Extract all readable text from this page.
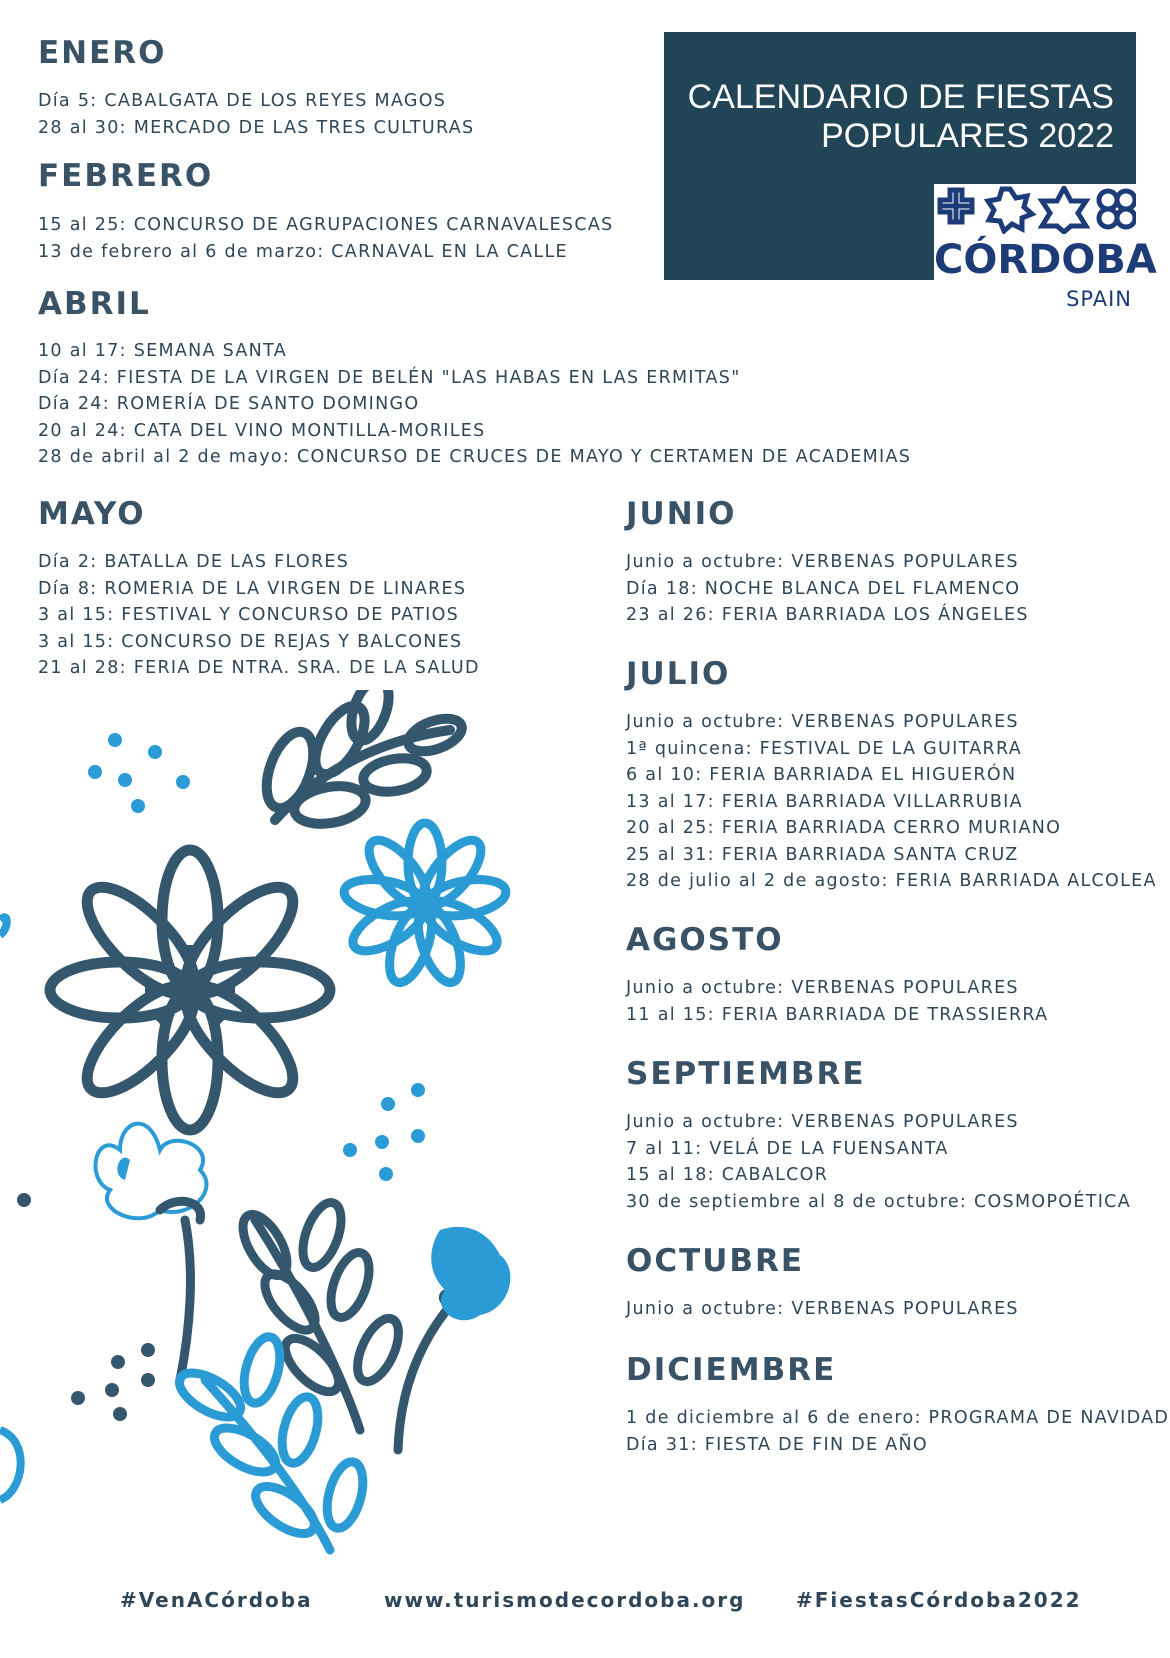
CALENDARIO DE FIESTAS
POPULARES 2022
CÓRDOBA
SPAIN
ENERO
Día 5: CABALGATA DE LOS REYES MAGOS
28 al 30: MERCADO DE LAS TRES CULTURAS
FEBRERO
15 al 25: CONCURSO DE AGRUPACIONES CARNAVALESCAS
13 de febrero al 6 de marzo: CARNAVAL EN LA CALLE
ABRIL
10 al 17: SEMANA SANTA
Día 24: FIESTA DE LA VIRGEN DE BELÉN "LAS HABAS EN LAS ERMITAS"
Día 24: ROMERÍA DE SANTO DOMINGO
20 al 24: CATA DEL VINO MONTILLA-MORILES
28 de abril al 2 de mayo: CONCURSO DE CRUCES DE MAYO Y CERTAMEN DE ACADEMIAS
MAYO
Día 2: BATALLA DE LAS FLORES
Día 8: ROMERIA DE LA VIRGEN DE LINARES
3 al 15: FESTIVAL Y CONCURSO DE PATIOS
3 al 15: CONCURSO DE REJAS Y BALCONES
21 al 28: FERIA DE NTRA. SRA. DE LA SALUD
JUNIO
Junio a octubre: VERBENAS POPULARES
Día 18: NOCHE BLANCA DEL FLAMENCO
23 al 26: FERIA BARRIADA LOS ÁNGELES
JULIO
Junio a octubre: VERBENAS POPULARES
1ª quincena: FESTIVAL DE LA GUITARRA
6 al 10: FERIA BARRIADA EL HIGUERÓN
13 al 17: FERIA BARRIADA VILLARRUBIA
20 al 25: FERIA BARRIADA CERRO MURIANO
25 al 31: FERIA BARRIADA SANTA CRUZ
28 de julio al 2 de agosto: FERIA BARRIADA ALCOLEA
AGOSTO
Junio a octubre: VERBENAS POPULARES
11 al 15: FERIA BARRIADA DE TRASSIERRA
SEPTIEMBRE
Junio a octubre: VERBENAS POPULARES
7 al 11: VELÁ DE LA FUENSANTA
15 al 18: CABALCOR
30 de septiembre al 8 de octubre: COSMOPOÉTICA
OCTUBRE
Junio a octubre: VERBENAS POPULARES
DICIEMBRE
1 de diciembre al 6 de enero: PROGRAMA DE NAVIDAD
Día 31: FIESTA DE FIN DE AÑO
#VenACórdoba	www.turismodecordoba.org	#FiestasCórdoba2022
